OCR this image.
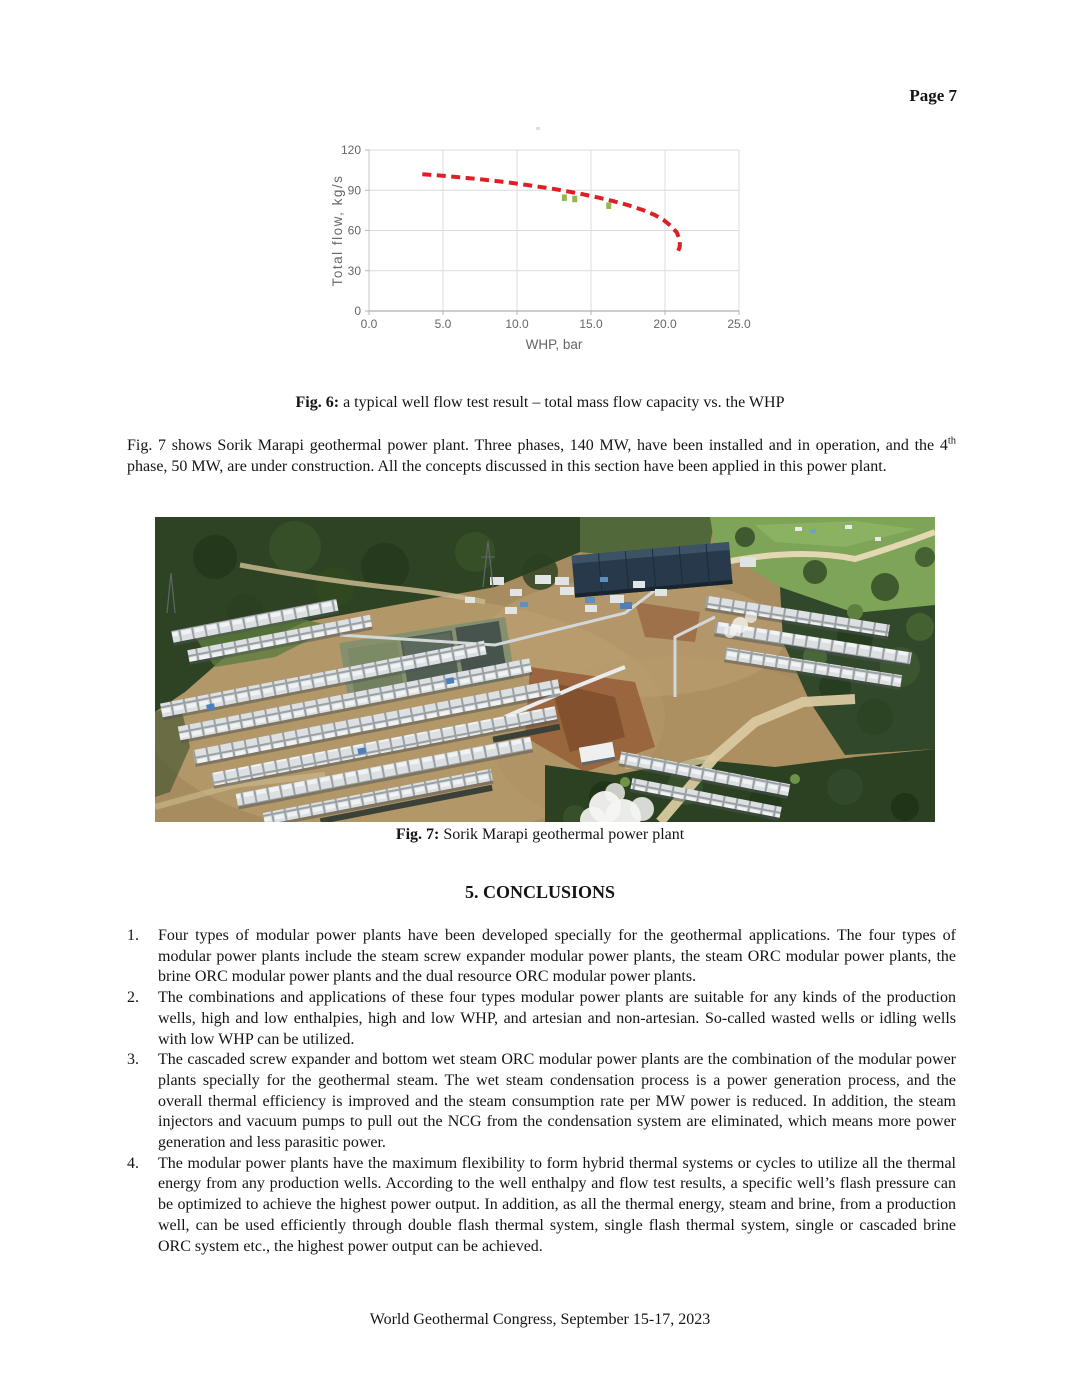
Page 7
0
30
60
90
120
0.0	5.0	10.0	15.0	20.0	25.0
Total flow, kg/s
WHP, bar
Fig. 6: a typical well flow test result – total mass flow capacity vs. the WHP
Fig. 7 shows Sorik Marapi geothermal power plant. Three phases, 140 MW, have been installed and in operation, and the 4th phase, 50 MW, are under construction. All the concepts discussed in this section have been applied in this power plant.
Fig. 7: Sorik Marapi geothermal power plant
5. CONCLUSIONS
1.	Four types of modular power plants have been developed specially for the geothermal applications. The four types of modular power plants include the steam screw expander modular power plants, the steam ORC modular power plants, the brine ORC modular power plants and the dual resource ORC modular power plants.
2.	The combinations and applications of these four types modular power plants are suitable for any kinds of the production wells, high and low enthalpies, high and low WHP, and artesian and non-artesian. So-called wasted wells or idling wells with low WHP can be utilized.
3.	The cascaded screw expander and bottom wet steam ORC modular power plants are the combination of the modular power plants specially for the geothermal steam. The wet steam condensation process is a power generation process, and the overall thermal efficiency is improved and the steam consumption rate per MW power is reduced. In addition, the steam injectors and vacuum pumps to pull out the NCG from the condensation system are eliminated, which means more power generation and less parasitic power.
4.	The modular power plants have the maximum flexibility to form hybrid thermal systems or cycles to utilize all the thermal energy from any production wells. According to the well enthalpy and flow test results, a specific well’s flash pressure can be optimized to achieve the highest power output. In addition, as all the thermal energy, steam and brine, from a production well, can be used efficiently through double flash thermal system, single flash thermal system, single or cascaded brine ORC system etc., the highest power output can be achieved.
World Geothermal Congress, September 15-17, 2023
